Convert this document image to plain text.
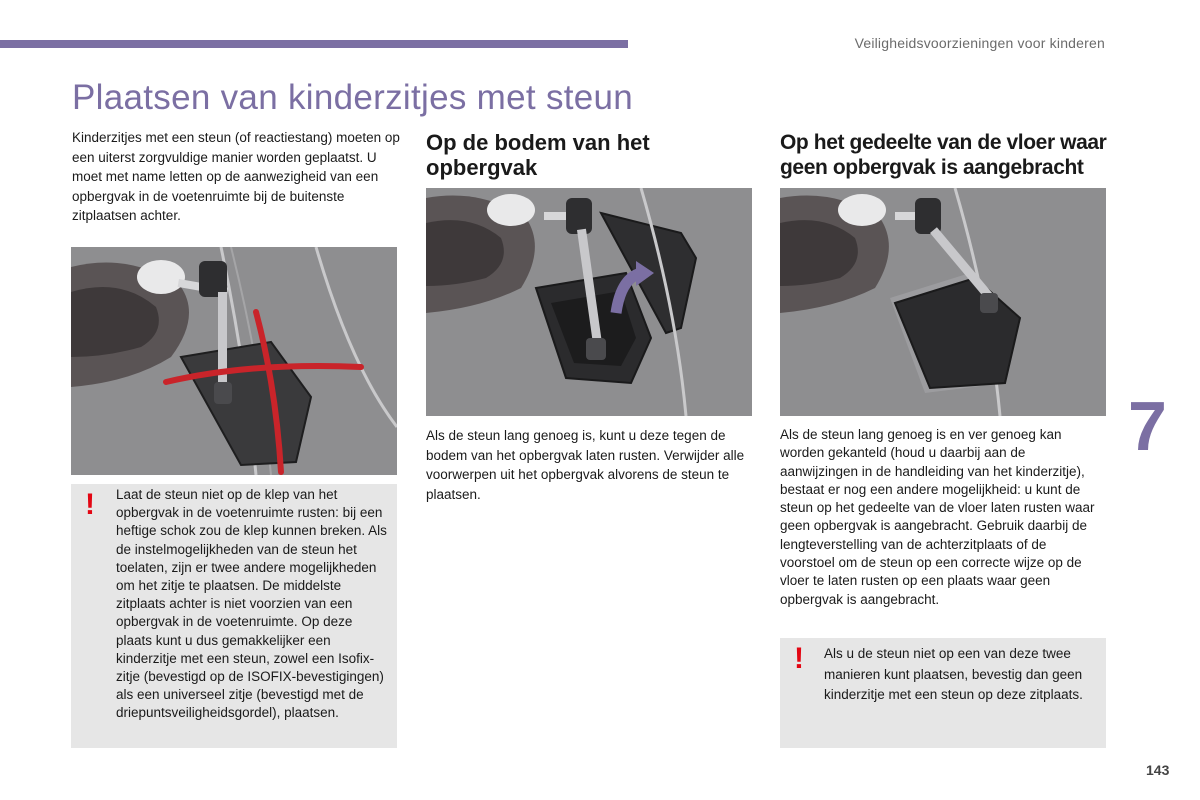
Veiligheidsvoorzieningen voor kinderen
Plaatsen van kinderzitjes met steun

Kinderzitjes met een steun (of reactiestang) moeten op een uiterst zorgvuldige manier worden geplaatst. U moet met name letten op de aanwezigheid van een opbergvak in de voetenruimte bij de buitenste zitplaatsen achter.

! Laat de steun niet op de klep van het opbergvak in de voetenruimte rusten: bij een heftige schok zou de klep kunnen breken. Als de instelmogelijkheden van de steun het toelaten, zijn er twee andere mogelijkheden om het zitje te plaatsen. De middelste zitplaats achter is niet voorzien van een opbergvak in de voetenruimte. Op deze plaats kunt u dus gemakkelijker een kinderzitje met een steun, zowel een Isofix-zitje (bevestigd op de ISOFIX-bevestigingen) als een universeel zitje (bevestigd met de driepuntsveiligheidsgordel), plaatsen.

Op de bodem van het opbergvak

Als de steun lang genoeg is, kunt u deze tegen de bodem van het opbergvak laten rusten. Verwijder alle voorwerpen uit het opbergvak alvorens de steun te plaatsen.

Op het gedeelte van de vloer waar geen opbergvak is aangebracht

Als de steun lang genoeg is en ver genoeg kan worden gekanteld (houd u daarbij aan de aanwijzingen in de handleiding van het kinderzitje), bestaat er nog een andere mogelijkheid: u kunt de steun op het gedeelte van de vloer laten rusten waar geen opbergvak is aangebracht. Gebruik daarbij de lengteverstelling van de achterzitplaats of de voorstoel om de steun op een correcte wijze op de vloer te laten rusten op een plaats waar geen opbergvak is aangebracht.

! Als u de steun niet op een van deze twee manieren kunt plaatsen, bevestig dan geen kinderzitje met een steun op deze zitplaats.

7
143
